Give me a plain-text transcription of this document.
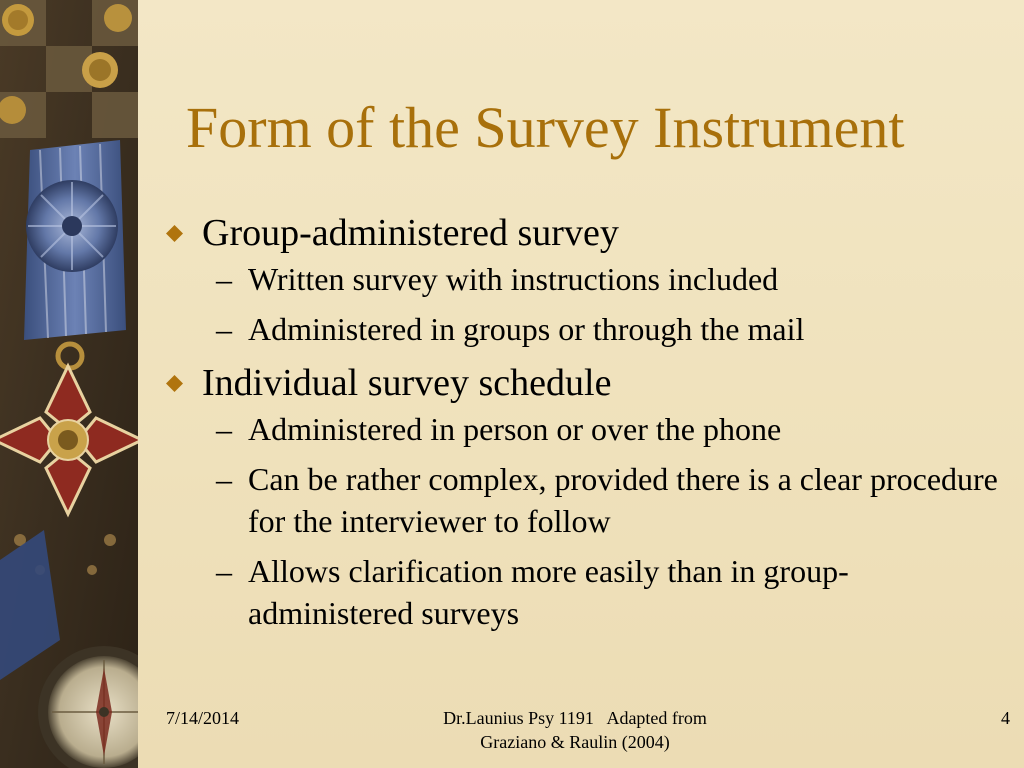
Form of the Survey Instrument
Group-administered survey
– Written survey with instructions included
– Administered in groups or through the mail
Individual survey schedule
– Administered in person or over the phone
– Can be rather complex, provided there is a clear procedure for the interviewer to follow
– Allows clarification more easily than in group-administered surveys
7/14/2014	Dr.Launius Psy 1191   Adapted from
Graziano & Raulin (2004)
4
